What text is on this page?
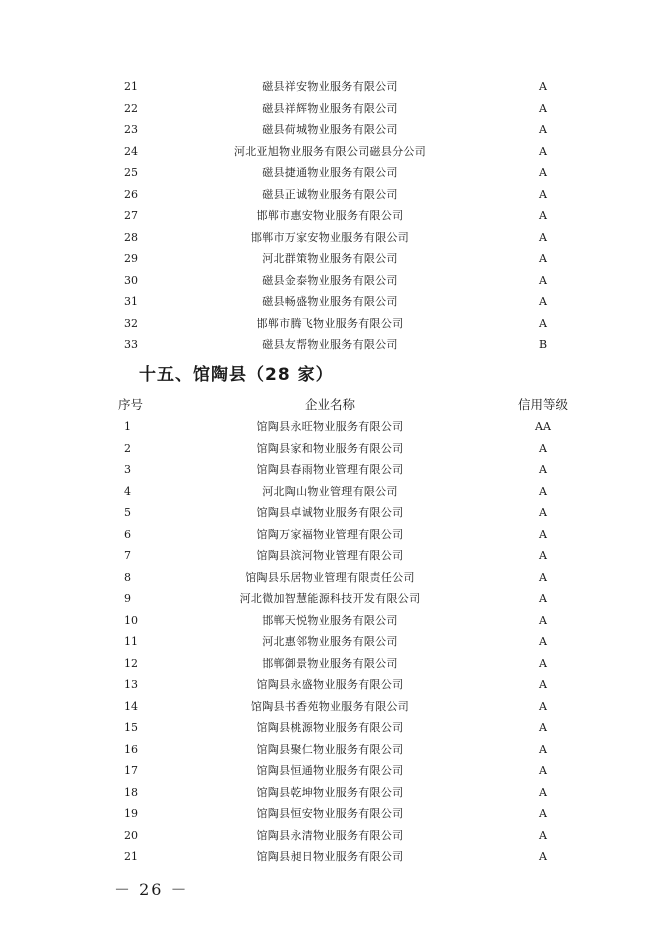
21	磁县祥安物业服务有限公司	A
22	磁县祥辉物业服务有限公司	A
23	磁县荷城物业服务有限公司	A
24	河北亚旭物业服务有限公司磁县分公司	A
25	磁县捷通物业服务有限公司	A
26	磁县正诚物业服务有限公司	A
27	邯郸市惠安物业服务有限公司	A
28	邯郸市万家安物业服务有限公司	A
29	河北群策物业服务有限公司	A
30	磁县金泰物业服务有限公司	A
31	磁县畅盛物业服务有限公司	A
32	邯郸市腾飞物业服务有限公司	A
33	磁县友帮物业服务有限公司	B
十五、馆陶县（28 家）
序号	企业名称	信用等级
1	馆陶县永旺物业服务有限公司	AA
2	馆陶县家和物业服务有限公司	A
3	馆陶县春雨物业管理有限公司	A
4	河北陶山物业管理有限公司	A
5	馆陶县卓诚物业服务有限公司	A
6	馆陶万家福物业管理有限公司	A
7	馆陶县滨河物业管理有限公司	A
8	馆陶县乐居物业管理有限责任公司	A
9	河北微加智慧能源科技开发有限公司	A
10	邯郸天悦物业服务有限公司	A
11	河北惠邻物业服务有限公司	A
12	邯郸御景物业服务有限公司	A
13	馆陶县永盛物业服务有限公司	A
14	馆陶县书香苑物业服务有限公司	A
15	馆陶县桃源物业服务有限公司	A
16	馆陶县聚仁物业服务有限公司	A
17	馆陶县恒通物业服务有限公司	A
18	馆陶县乾坤物业服务有限公司	A
19	馆陶县恒安物业服务有限公司	A
20	馆陶县永清物业服务有限公司	A
21	馆陶县昶日物业服务有限公司	A
－ 26 －
